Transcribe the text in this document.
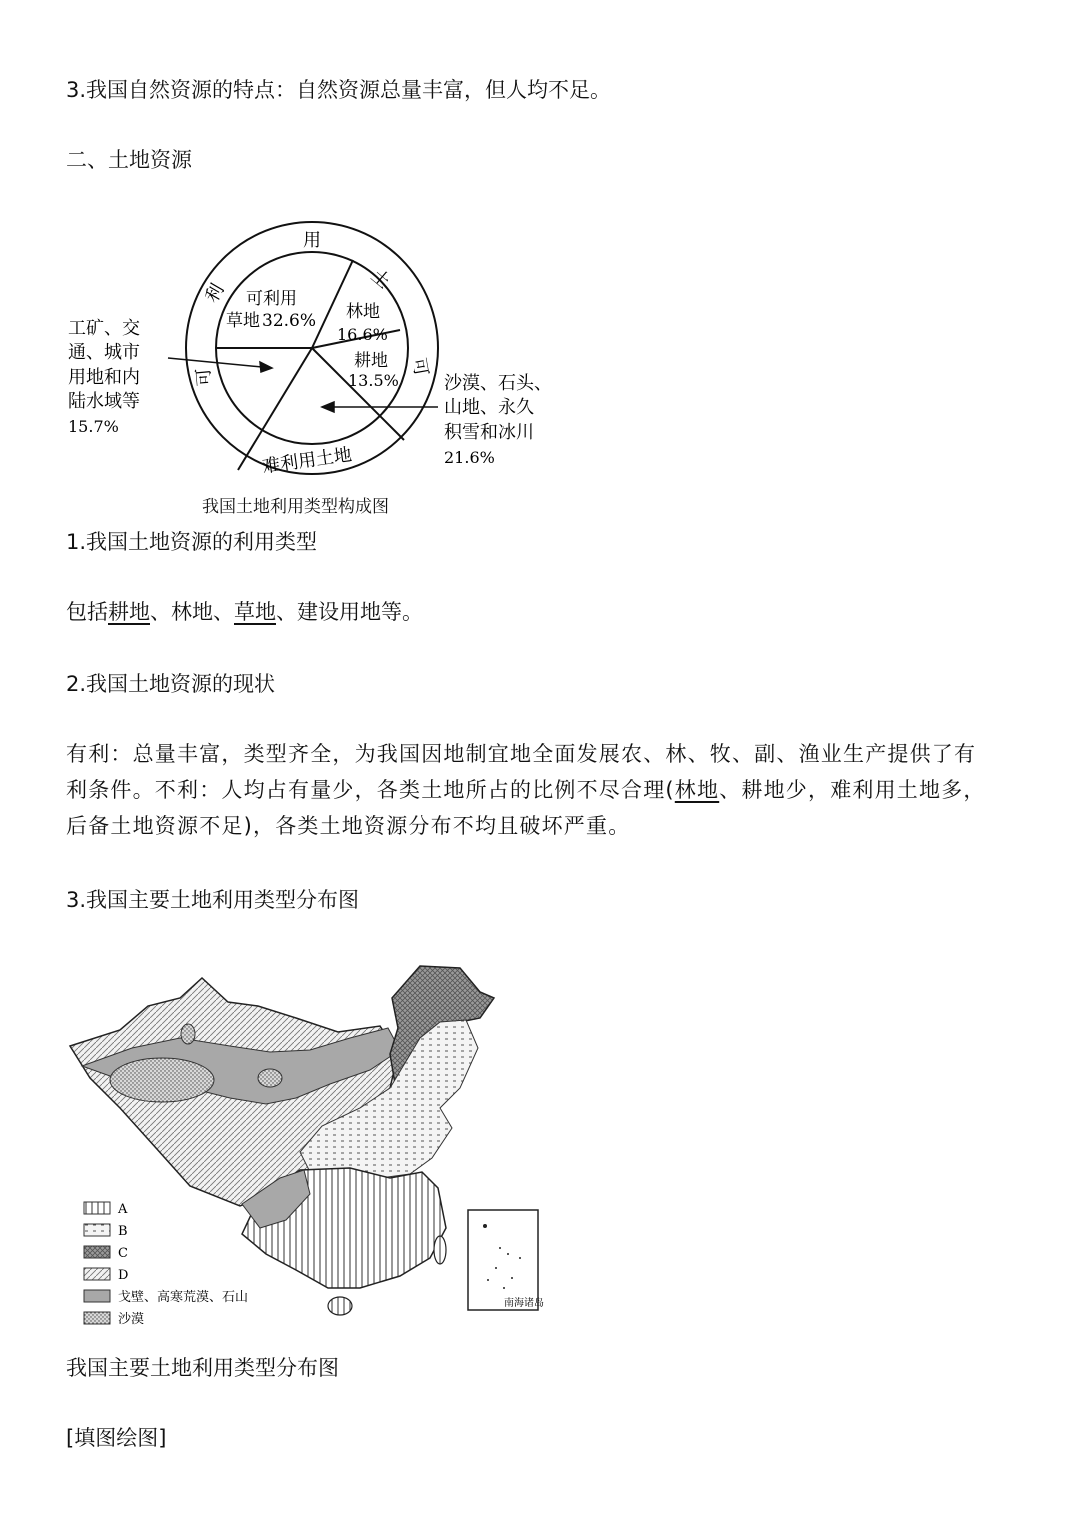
3.我国自然资源的特点：自然资源总量丰富，但人均不足。
二、土地资源
用
土
可
利
可
难利用土地
可利用
草地 32.6% 林地
16.6%
耕地
13.5%
工矿、交
通、城市
用地和内
陆水域等
15.7%
沙漠、石头、
山地、永久
积雪和冰川
21.6%
我国土地利用类型构成图
1.我国土地资源的利用类型
包括耕地、林地、草地、建设用地等。
2.我国土地资源的现状
有利：总量丰富，类型齐全，为我国因地制宜地全面发展农、林、牧、副、渔业生产提供了有
利条件。不利：人均占有量少，各类土地所占的比例不尽合理(林地、耕地少，难利用土地多，
后备土地资源不足)，各类土地资源分布不均且破坏严重。
3.我国主要土地利用类型分布图
南海诸岛
A
B
C
D
戈壁、高寒荒漠、石山
沙漠
我国主要土地利用类型分布图
[填图绘图]
